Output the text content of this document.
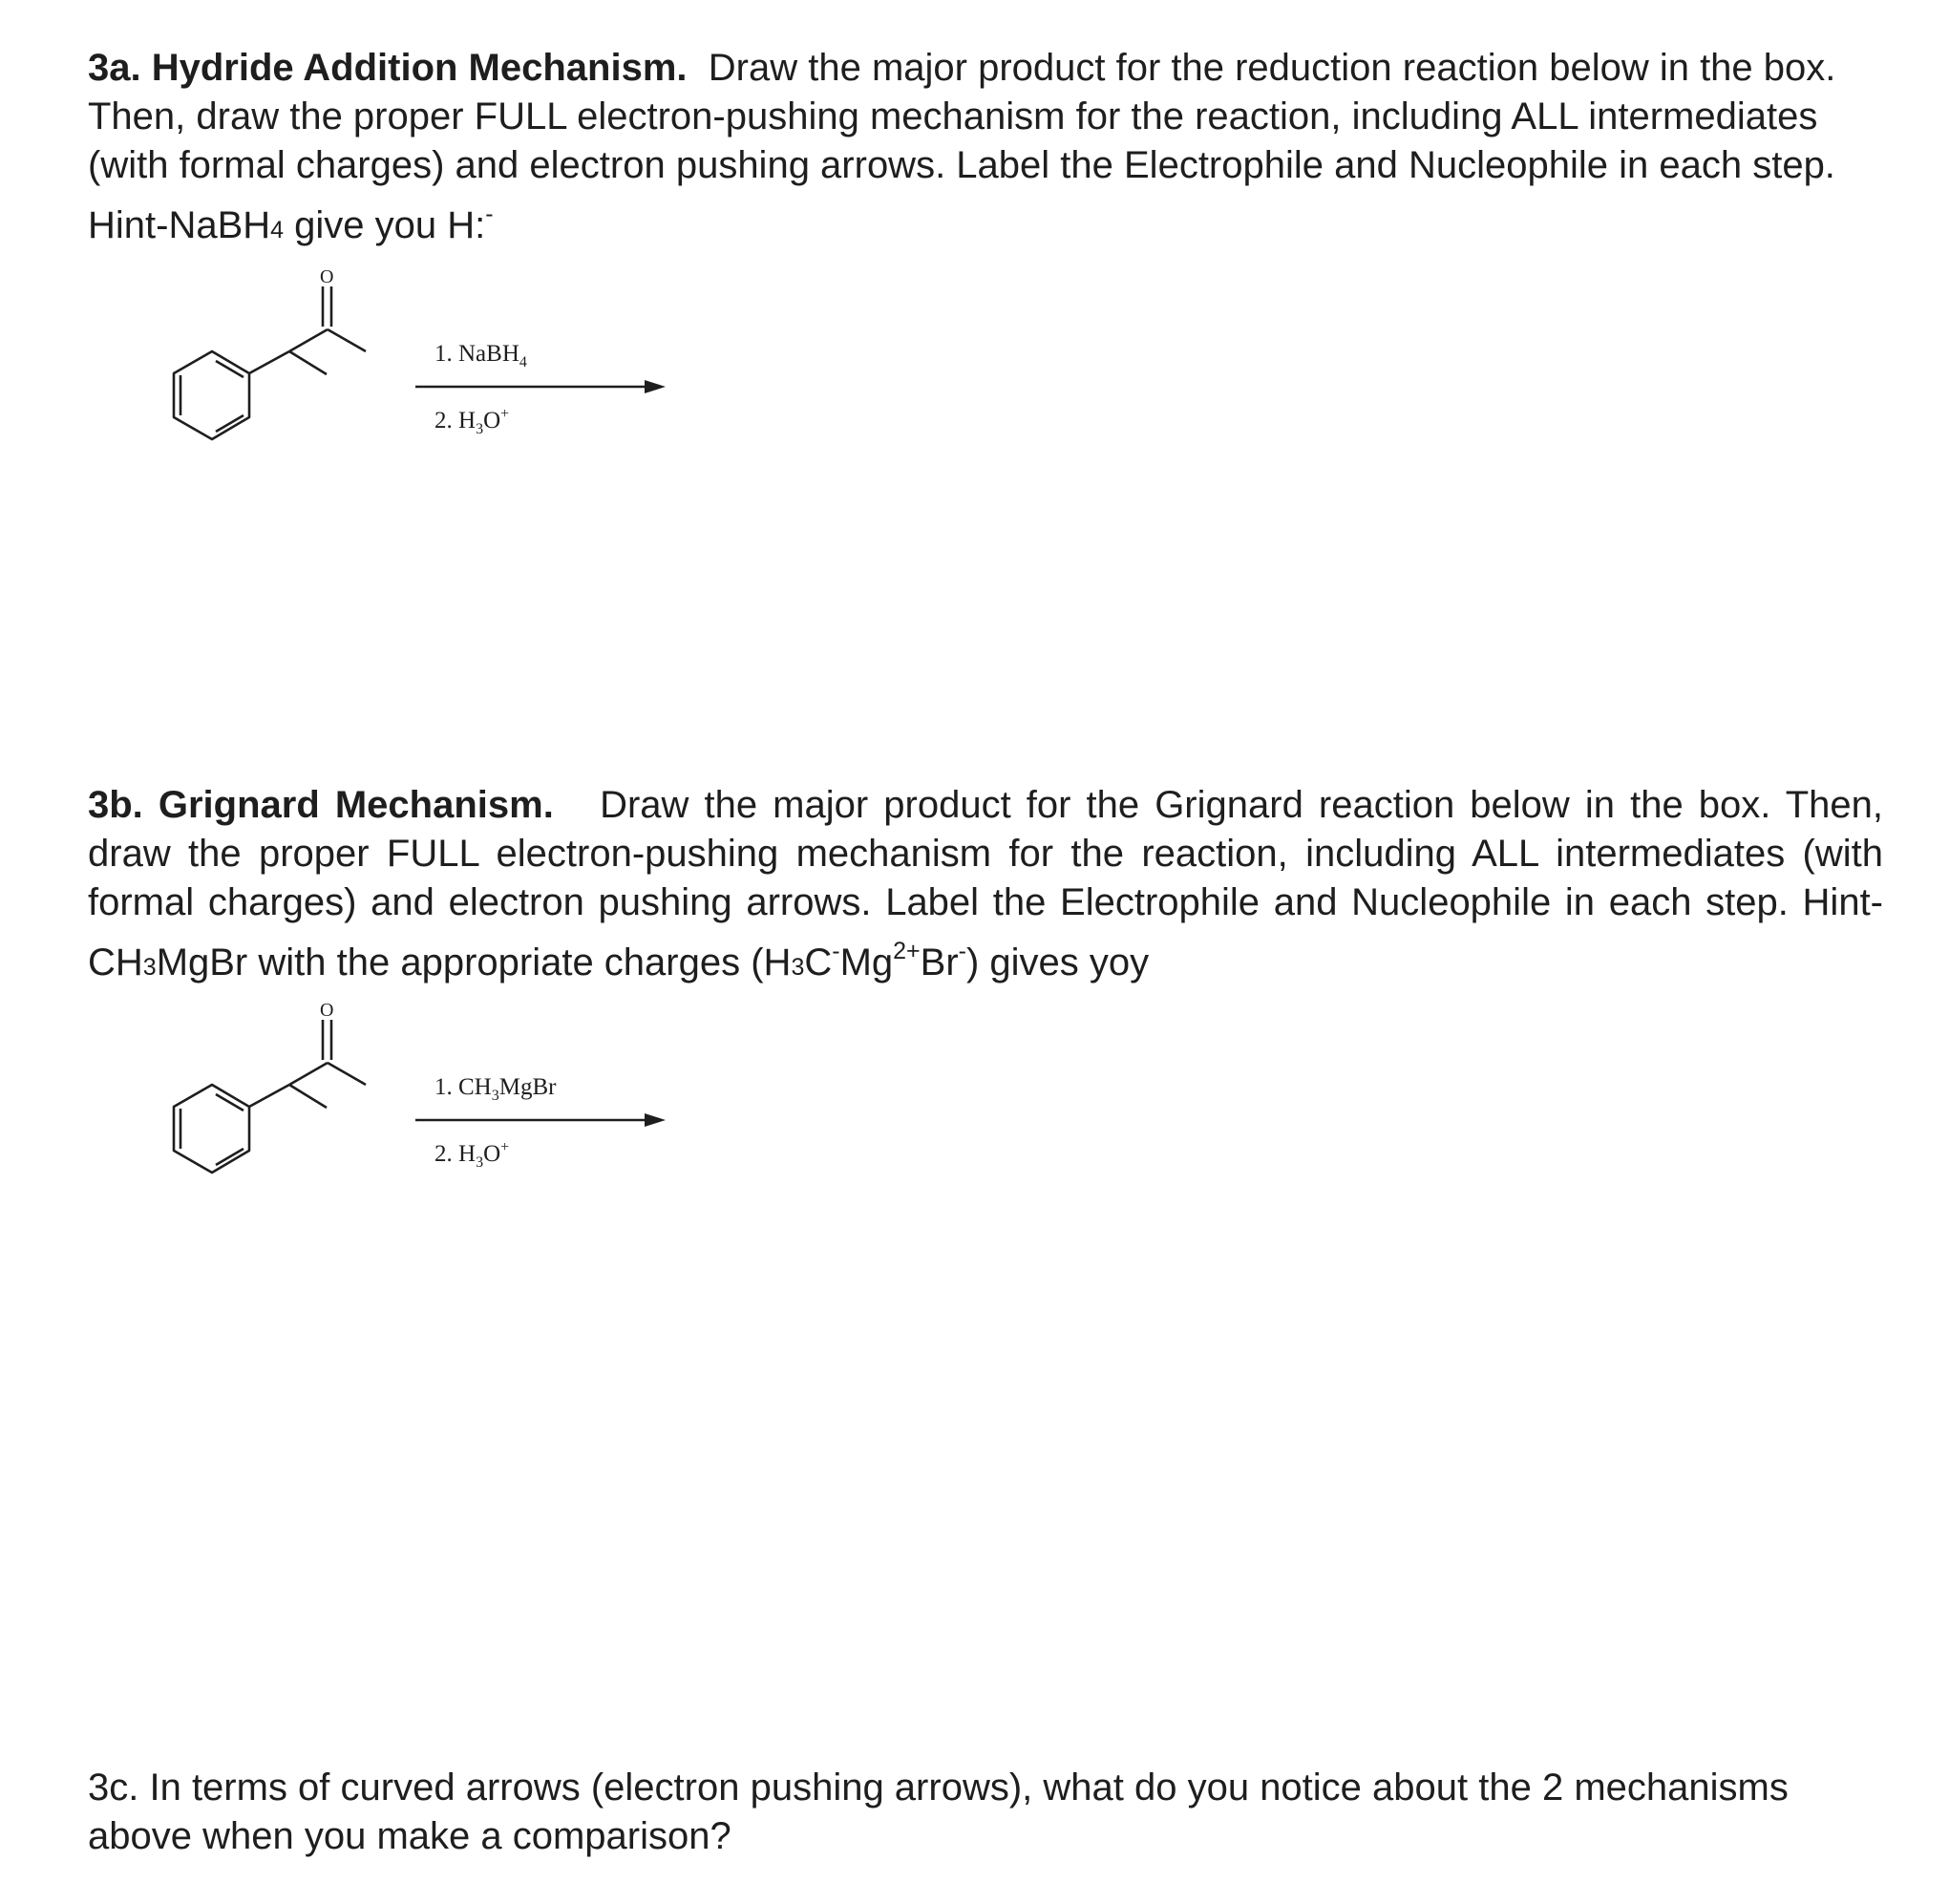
3a. Hydride Addition Mechanism. Draw the major product for the reduction reaction below in the box. Then, draw the proper FULL electron-pushing mechanism for the reaction, including ALL intermediates (with formal charges) and electron pushing arrows. Label the Electrophile and Nucleophile in each step. Hint-NaBH4 give you H:-
O
1. NaBH$_4$
2. $H_3O^+$
3b. Grignard Mechanism. Draw the major product for the Grignard reaction below in the box. Then, draw the proper FULL electron-pushing mechanism for the reaction, including ALL intermediates (with formal charges) and electron pushing arrows. Label the Electrophile and Nucleophile in each step. Hint-CH3MgBr with the appropriate charges $(H3C^-Mg^{2+}Br^-)$ gives yoy
O
1. $CH_3MgBr$
2. $H_3O^+$
3c. In terms of curved arrows (electron pushing arrows), what do you notice about the 2 mechanisms above when you make a comparison?
